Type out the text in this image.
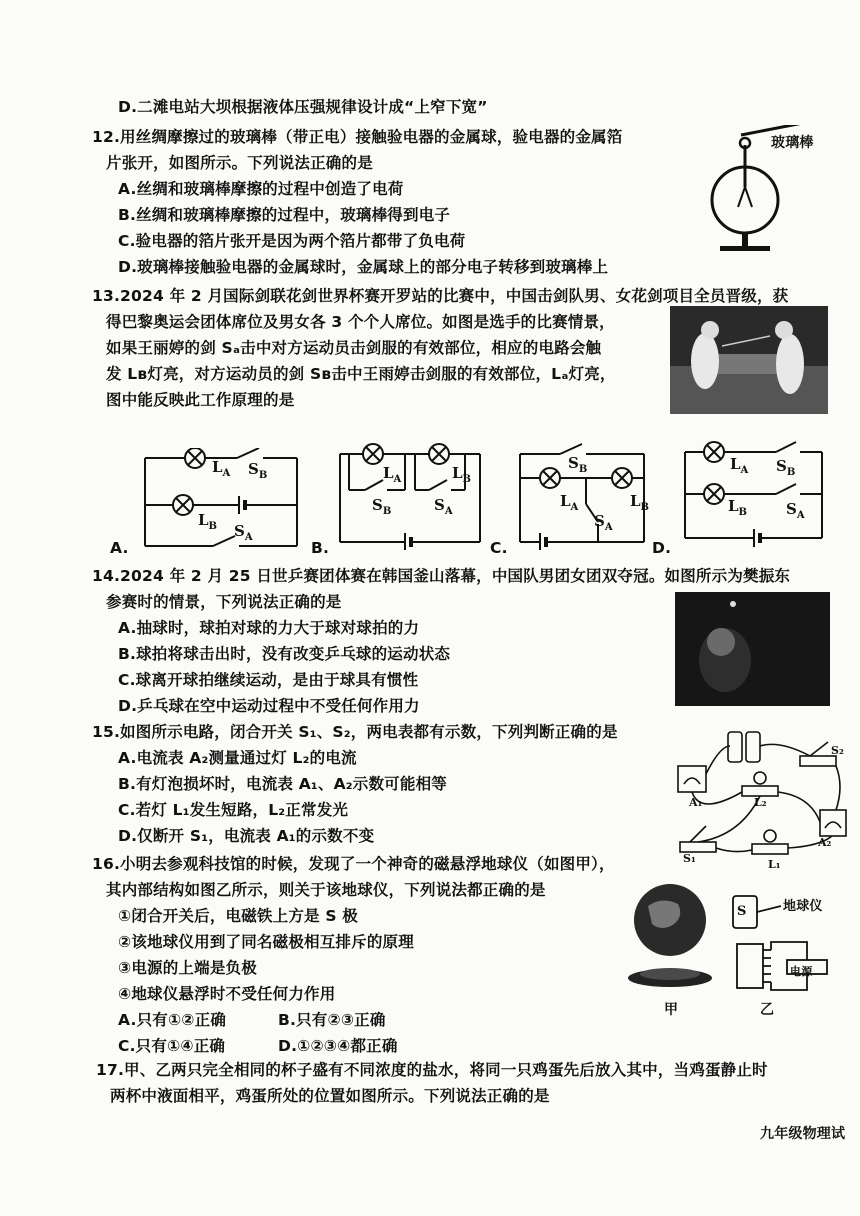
D.二滩电站大坝根据液体压强规律设计成“上窄下宽”
12.用丝绸摩擦过的玻璃棒（带正电）接触验电器的金属球，验电器的金属箔
片张开，如图所示。下列说法正确的是
A.丝绸和玻璃棒摩擦的过程中创造了电荷
B.丝绸和玻璃棒摩擦的过程中，玻璃棒得到电子
C.验电器的箔片张开是因为两个箔片都带了负电荷
D.玻璃棒接触验电器的金属球时，金属球上的部分电子转移到玻璃棒上
玻璃棒
13.2024 年 2 月国际剑联花剑世界杯赛开罗站的比赛中，中国击剑队男、女花剑项目全员晋级，获
得巴黎奥运会团体席位及男女各 3 个个人席位。如图是选手的比赛情景，
如果王丽婷的剑 Sₐ击中对方运动员击剑服的有效部位，相应的电路会触
发 Lʙ灯亮，对方运动员的剑 Sʙ击中王雨婷击剑服的有效部位，Lₐ灯亮，
图中能反映此工作原理的是
$L_A$ $S_B$
$L_B$ $S_A$
A.
$L_A$	$L_B$
$S_B$	$S_A$
B.
$S_B$
$L_A$	$L_B$
$S_A$
C.
$L_A$ $S_B$
$L_B$	$S_A$
D.
14.2024 年 2 月 25 日世乒赛团体赛在韩国釜山落幕，中国队男团女团双夺冠。如图所示为樊振东
参赛时的情景，下列说法正确的是
A.抽球时，球拍对球的力大于球对球拍的力
B.球拍将球击出时，没有改变乒乓球的运动状态
C.球离开球拍继续运动，是由于球具有惯性
D.乒乓球在空中运动过程中不受任何作用力
15.如图所示电路，闭合开关 S₁、S₂，两电表都有示数，下列判断正确的是
A.电流表 A₂测量通过灯 L₂的电流
B.有灯泡损坏时，电流表 A₁、A₂示数可能相等
C.若灯 L₁发生短路，L₂正常发光
D.仅断开 S₁，电流表 A₁的示数不变
A₁	L₂
A₂
S₂
S₁	L₁
16.小明去参观科技馆的时候，发现了一个神奇的磁悬浮地球仪（如图甲），
其内部结构如图乙所示，则关于该地球仪，下列说法都正确的是
①闭合开关后，电磁铁上方是 S 极
②该地球仪用到了同名磁极相互排斥的原理
③电源的上端是负极
④地球仪悬浮时不受任何力作用
A.只有①②正确	B.只有②③正确
C.只有①④正确	D.①②③④都正确
甲
S	地球仪
电源
乙
17.甲、乙两只完全相同的杯子盛有不同浓度的盐水，将同一只鸡蛋先后放入其中，当鸡蛋静止时
两杯中液面相平，鸡蛋所处的位置如图所示。下列说法正确的是
九年级物理试
